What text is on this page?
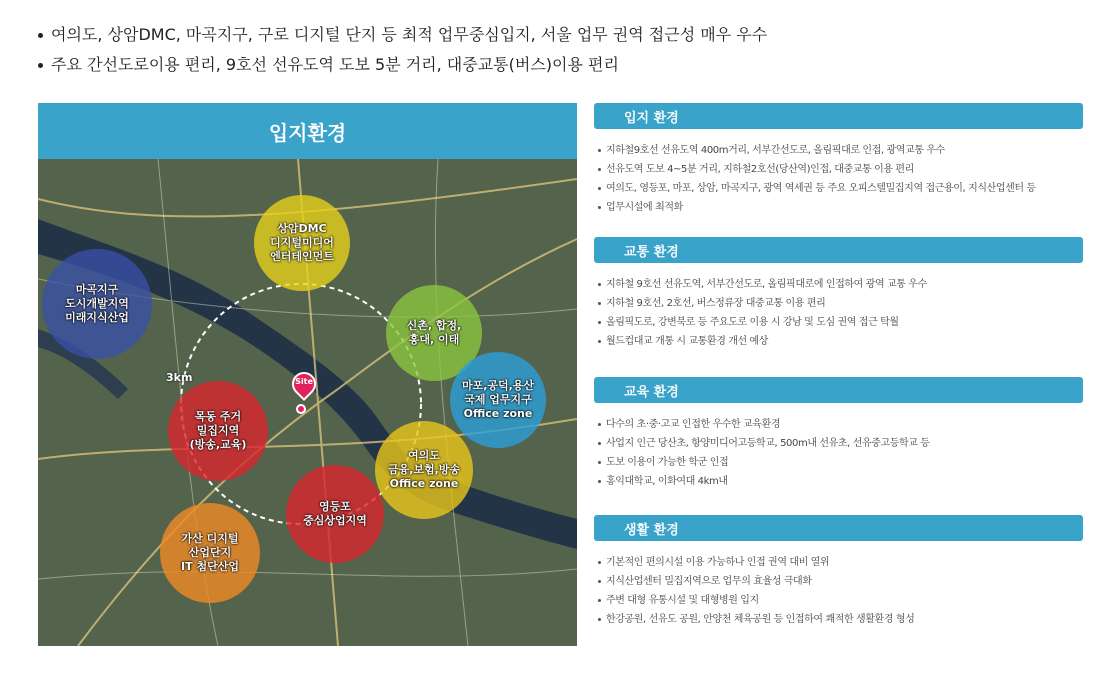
여의도, 상암DMC, 마곡지구, 구로 디지털 단지 등 최적 업무중심입지, 서울 업무 권역 접근성 매우 우수
주요 간선도로이용 편리, 9호선 선유도역 도보 5분 거리, 대중교통(버스)이용 편리
입지환경
상암DMC
디지털미디어
엔터테인먼트
마곡지구
도시개발지역
미래지식산업
신촌, 합정,
홍대, 이태
마포,공덕,용산
국제 업무지구
Office zone
목동 주거
밀집지역
(방송,교육)
여의도
금융,보험,방송
Office zone
영등포
중심상업지역
가산 디지털
산업단지
IT 첨단산업
3km	Site
입지 환경
지하철9호선 선유도역 400m거리, 서부간선도로, 올림픽대로 인접, 광역교통 우수
선유도역 도보 4~5분 거리, 지하철2호선(당산역)인접, 대중교통 이용 편리
여의도, 영등포, 마포, 상암, 마곡지구, 광역 역세권 등 주요 오피스텔밀집지역 접근용이, 지식산업센터 등
업무시설에 최적화
교통 환경
지하철 9호선 선유도역, 서부간선도로, 올림픽대로에 인접하여 광역 교통 우수
지하철 9호선, 2호선, 버스정류장 대중교통 이용 편리
올림픽도로, 강변북로 등 주요도로 이용 시 강남 및 도심 권역 접근 탁월
월드컵대교 개통 시 교통환경 개선 예상
교육 환경
다수의 초·중·고교 인접한 우수한 교육환경
사업지 인근 당산초, 항양미디어고등학교, 500m내 선유초, 선유중고등학교 등
도보 이용이 가능한 학군 인접
홍익대학교, 이화여대 4km내
생활 환경
기본적인 편의시설 이용 가능하나 인접 권역 대비 열위
지식산업센터 밀집지역으로 업무의 효율성 극대화
주변 대형 유통시설 및 대형병원 입지
한강공원, 선유도 공원, 안양천 체육공원 등 인접하여 쾌적한 생활환경 형성
